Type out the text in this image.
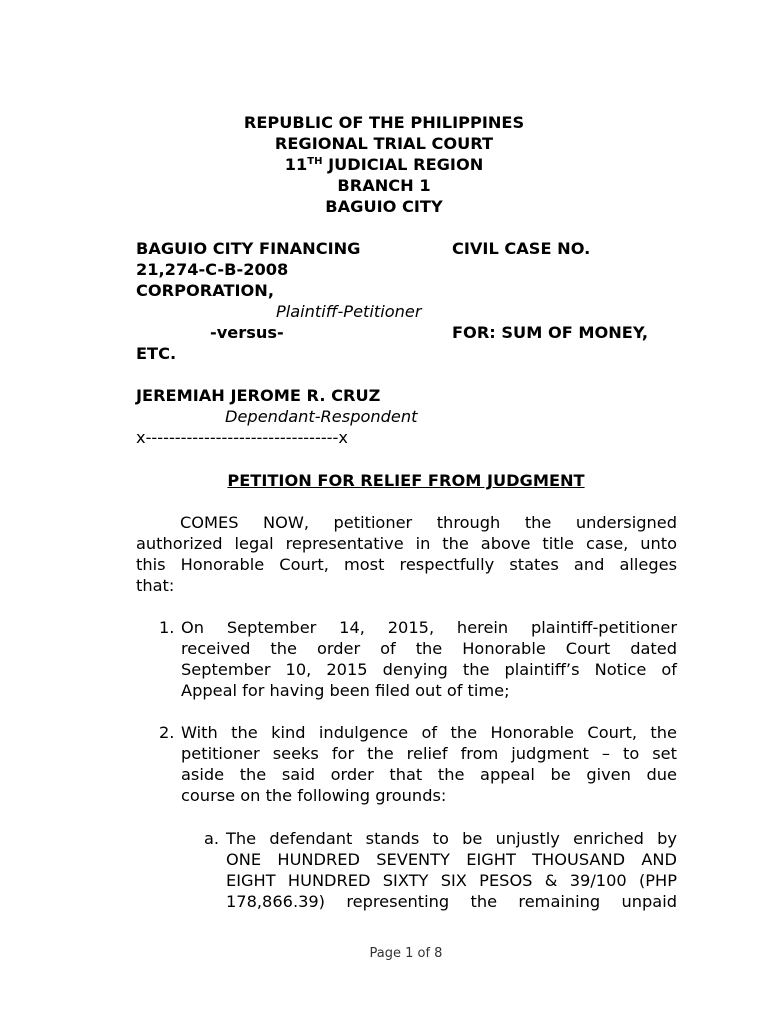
REPUBLIC OF THE PHILIPPINES
REGIONAL TRIAL COURT
11TH JUDICIAL REGION
BRANCH 1
BAGUIO CITY
BAGUIO CITY FINANCING	CIVIL CASE NO.
21,274-C-B-2008
CORPORATION,
Plaintiff-Petitioner
-versus-	FOR: SUM OF MONEY,
ETC.
JEREMIAH JEROME R. CRUZ
Dependant-Respondent
x---------------------------------x
PETITION FOR RELIEF FROM JUDGMENT
COMES NOW, petitioner through the undersigned
authorized legal representative in the above title case, unto
this Honorable Court, most respectfully states and alleges
that:
1. On September 14, 2015, herein plaintiff-petitioner
received the order of the Honorable Court dated
September 10, 2015 denying the plaintiff’s Notice of
Appeal for having been filed out of time;
2. With the kind indulgence of the Honorable Court, the
petitioner seeks for the relief from judgment – to set
aside the said order that the appeal be given due
course on the following grounds:
a. The defendant stands to be unjustly enriched by
ONE HUNDRED SEVENTY EIGHT THOUSAND AND
EIGHT HUNDRED SIXTY SIX PESOS & 39/100 (PHP
178,866.39) representing the remaining unpaid
Page 1 of 8
